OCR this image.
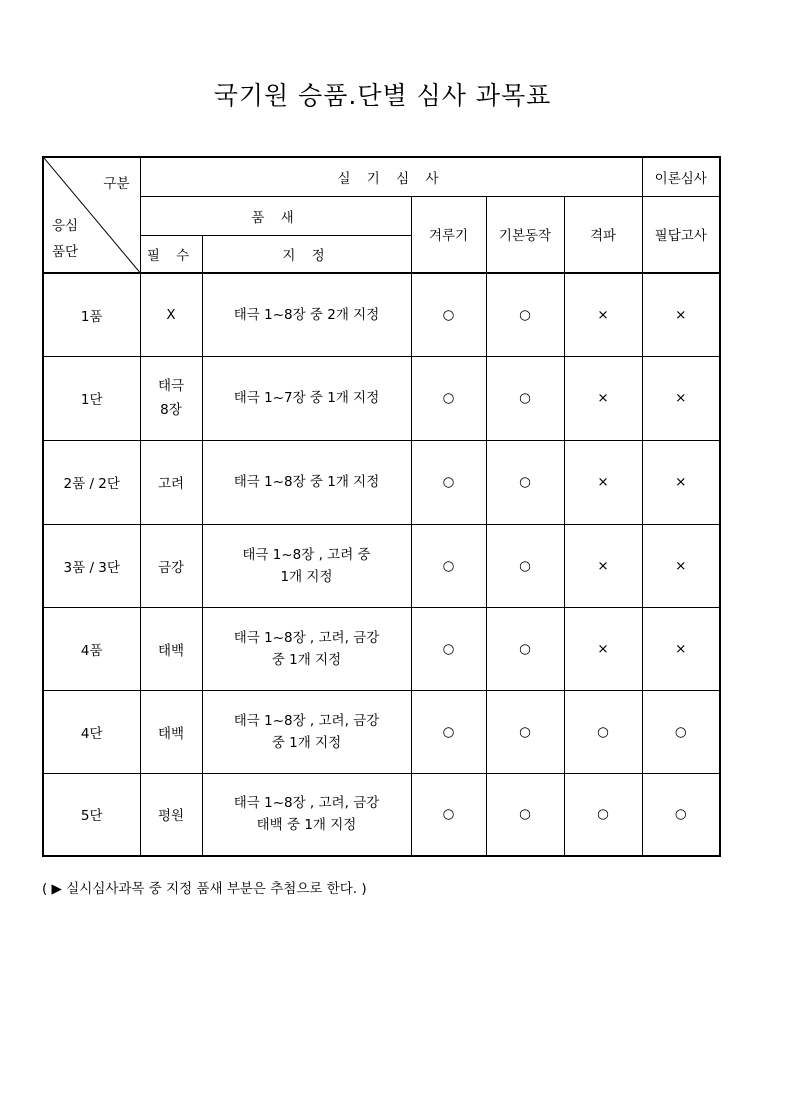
국기원 승품.단별 심사 과목표
구분
응심
품단	실 기 심 사					이론심사
	품 새		겨루기	기본동작	격파	필답고사
	필 수	지 정				
1품	X	태극 1~8장 중 2개 지정	○	○	×	×
1단	태극
8장	태극 1~7장 중 1개 지정	○	○	×	×
2품 / 2단	고려	태극 1~8장 중 1개 지정	○	○	×	×
3품 / 3단	금강	태극 1~8장 , 고려 중
1개 지정	○	○	×	×
4품	태백	태극 1~8장 , 고려, 금강
중 1개 지정	○	○	×	×
4단	태백	태극 1~8장 , 고려, 금강
중 1개 지정	○	○	○	○
5단	평원	태극 1~8장 , 고려, 금강
태백 중 1개 지정	○	○	○	○
( ▶ 실시심사과목 중 지정 품새 부분은 추첨으로 한다. )
